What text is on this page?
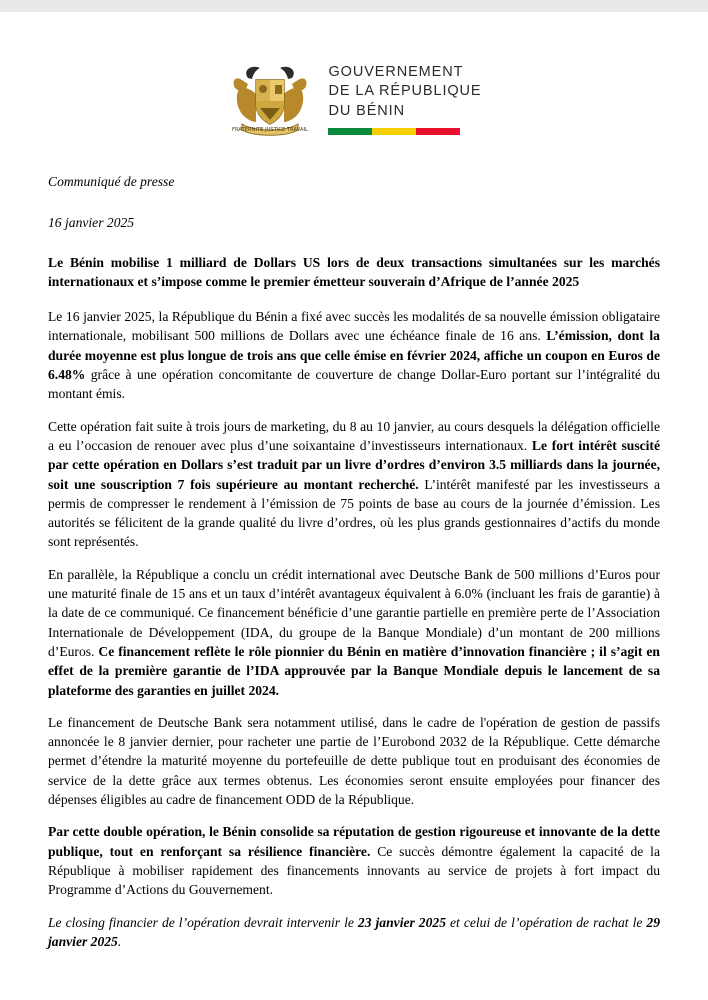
FRATERNITE JUSTICE TRAVAIL
GOUVERNEMENT
DE LA RÉPUBLIQUE
DU BÉNIN

Communiqué de presse

16 janvier 2025

Le Bénin mobilise 1 milliard de Dollars US lors de deux transactions simultanées sur les marchés internationaux et s’impose comme le premier émetteur souverain d’Afrique de l’année 2025

Le 16 janvier 2025, la République du Bénin a fixé avec succès les modalités de sa nouvelle émission obligataire internationale, mobilisant 500 millions de Dollars avec une échéance finale de 16 ans. L’émission, dont la durée moyenne est plus longue de trois ans que celle émise en février 2024, affiche un coupon en Euros de 6.48% grâce à une opération concomitante de couverture de change Dollar-Euro portant sur l’intégralité du montant émis.

Cette opération fait suite à trois jours de marketing, du 8 au 10 janvier, au cours desquels la délégation officielle a eu l’occasion de renouer avec plus d’une soixantaine d’investisseurs internationaux. Le fort intérêt suscité par cette opération en Dollars s’est traduit par un livre d’ordres d’environ 3.5 milliards dans la journée, soit une souscription 7 fois supérieure au montant recherché. L’intérêt manifesté par les investisseurs a permis de compresser le rendement à l’émission de 75 points de base au cours de la journée d’émission. Les autorités se félicitent de la grande qualité du livre d’ordres, où les plus grands gestionnaires d’actifs du monde sont représentés.

En parallèle, la République a conclu un crédit international avec Deutsche Bank de 500 millions d’Euros pour une maturité finale de 15 ans et un taux d’intérêt avantageux équivalent à 6.0% (incluant les frais de garantie) à la date de ce communiqué. Ce financement bénéficie d’une garantie partielle en première perte de l’Association Internationale de Développement (IDA, du groupe de la Banque Mondiale) d’un montant de 200 millions d’Euros. Ce financement reflète le rôle pionnier du Bénin en matière d’innovation financière ; il s’agit en effet de la première garantie de l’IDA approuvée par la Banque Mondiale depuis le lancement de sa plateforme des garanties en juillet 2024.

Le financement de Deutsche Bank sera notamment utilisé, dans le cadre de l'opération de gestion de passifs annoncée le 8 janvier dernier, pour racheter une partie de l’Eurobond 2032 de la République. Cette démarche permet d’étendre la maturité moyenne du portefeuille de dette publique tout en produisant des économies de service de la dette grâce aux termes obtenus. Les économies seront ensuite employées pour financer des dépenses éligibles au cadre de financement ODD de la République.

Par cette double opération, le Bénin consolide sa réputation de gestion rigoureuse et innovante de la dette publique, tout en renforçant sa résilience financière. Ce succès démontre également la capacité de la République à mobiliser rapidement des financements innovants au service de projets à fort impact du Programme d’Actions du Gouvernement.

Le closing financier de l’opération devrait intervenir le 23 janvier 2025 et celui de l’opération de rachat le 29 janvier 2025.
